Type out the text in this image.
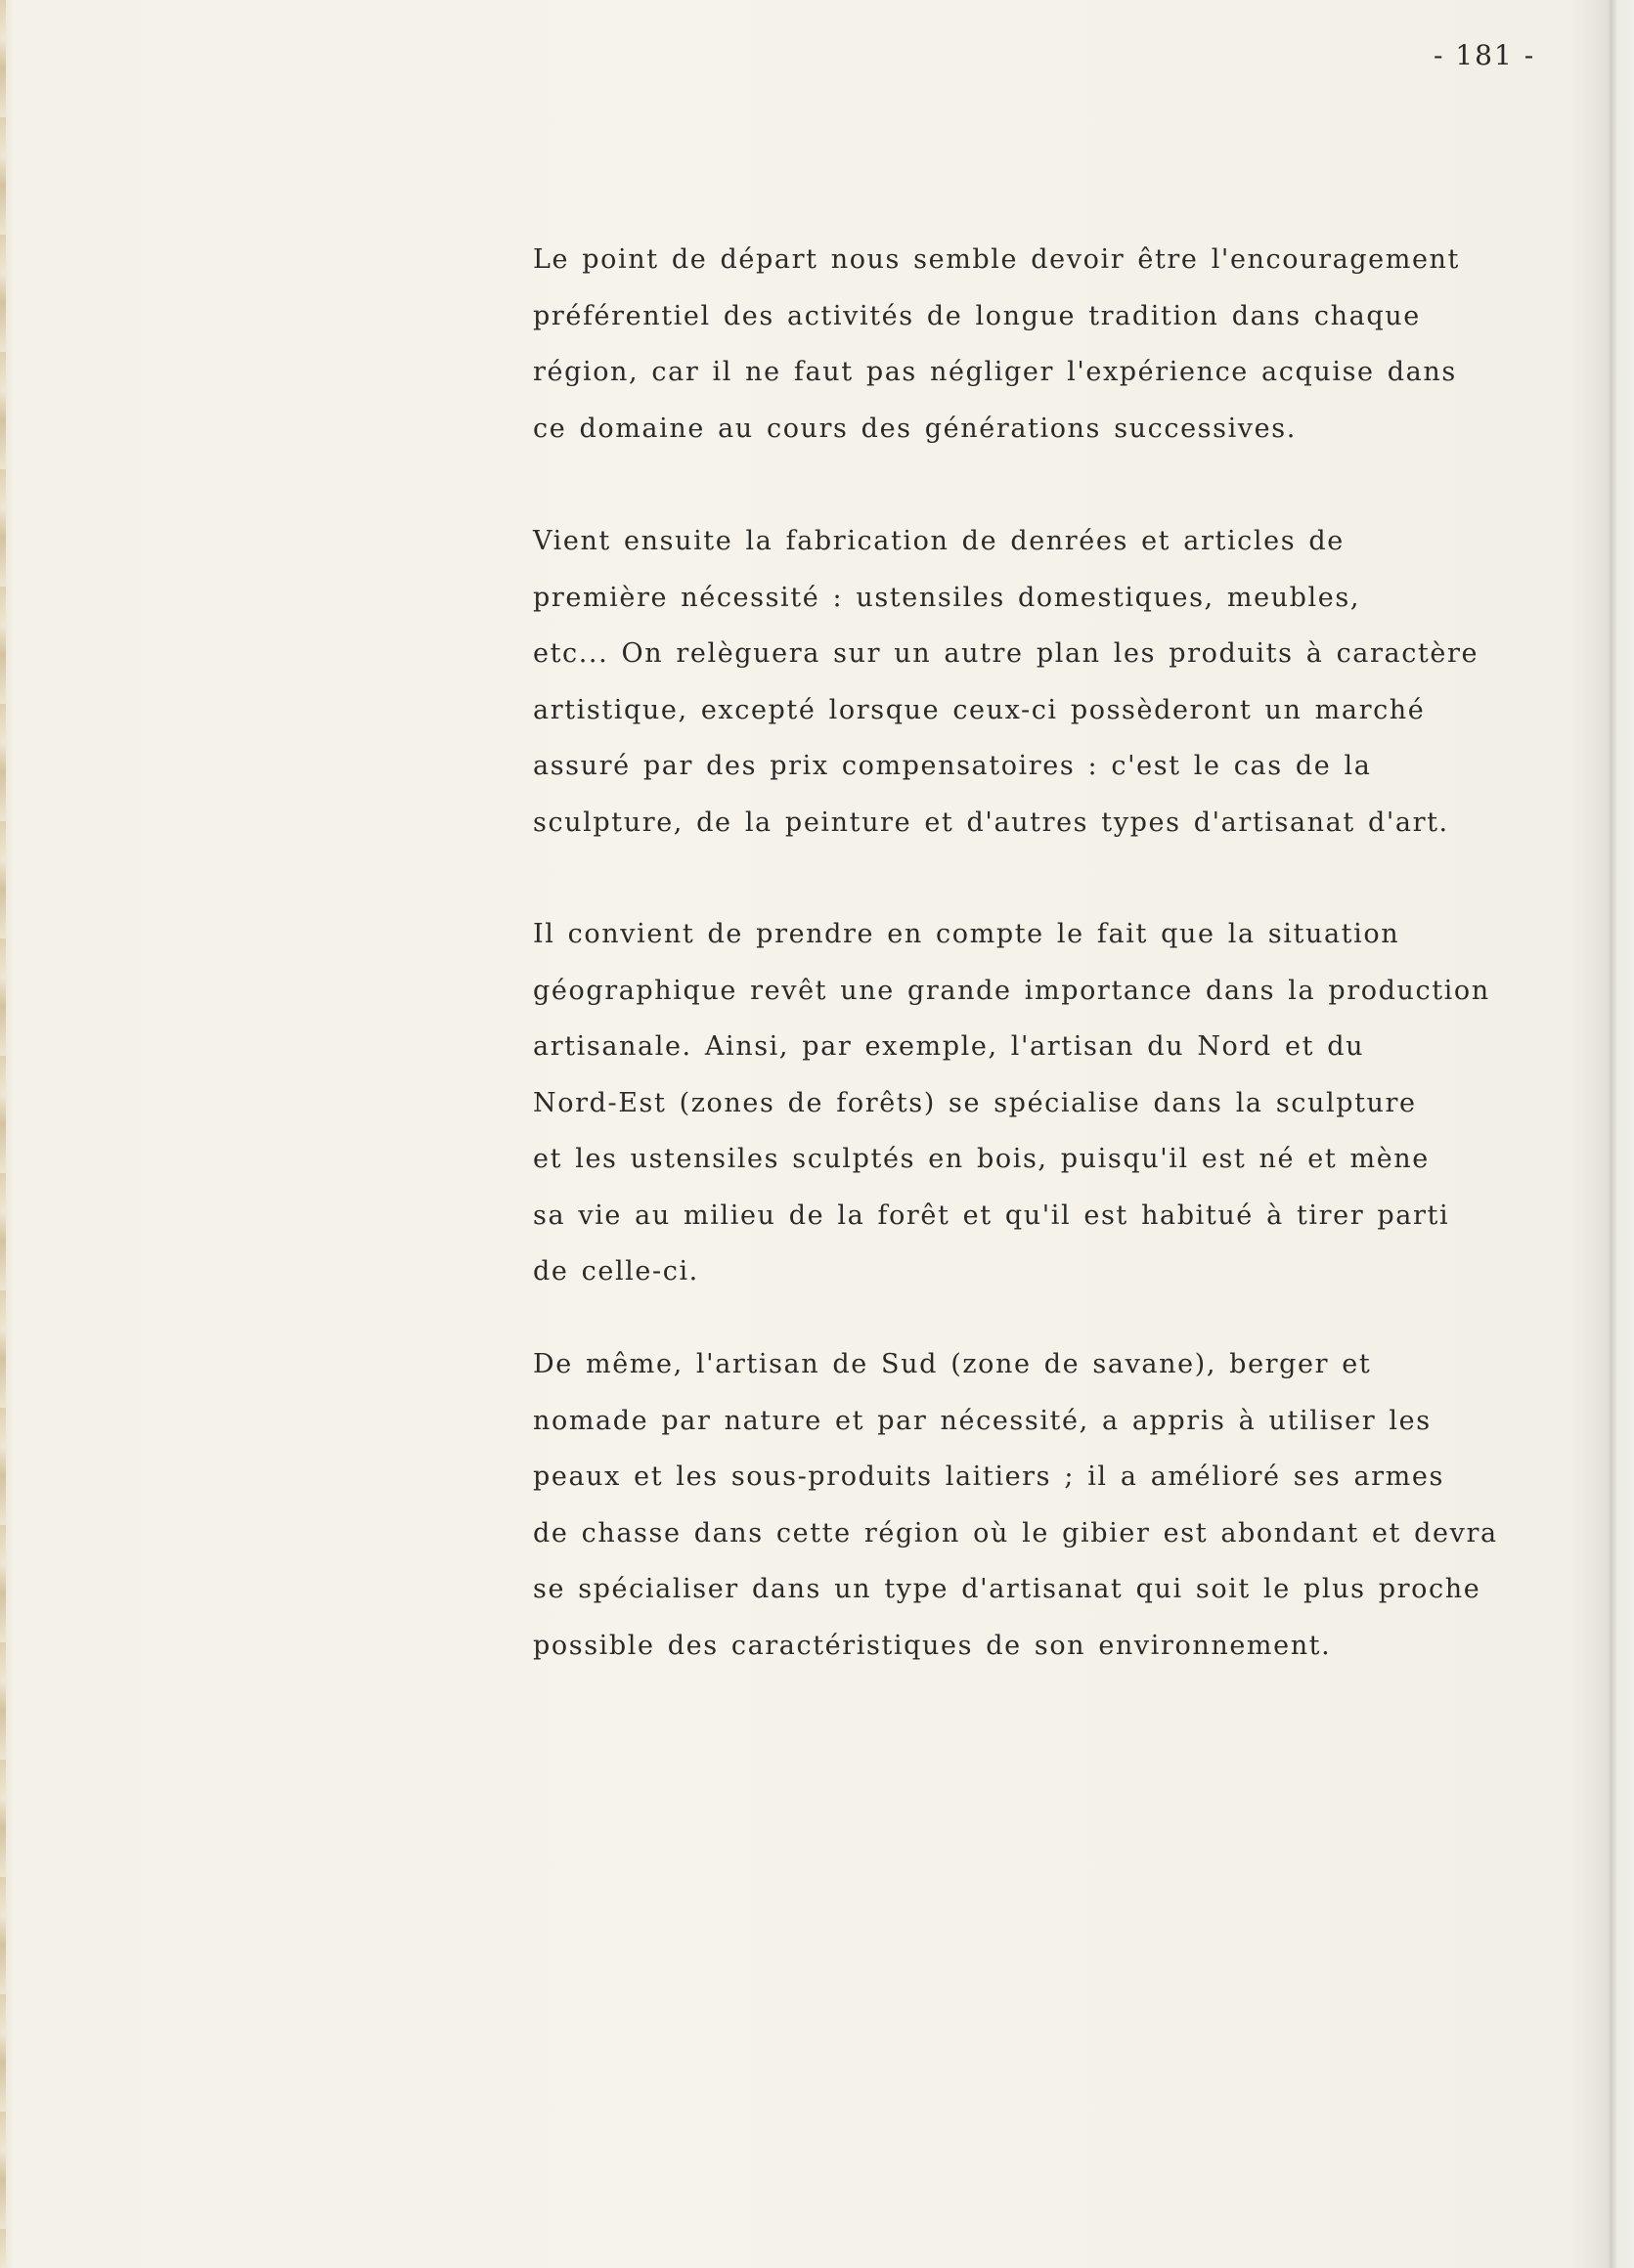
- 181 -
Le point de départ nous semble devoir être l'encouragement
préférentiel des activités de longue tradition dans chaque
région, car il ne faut pas négliger l'expérience acquise dans
ce domaine au cours des générations successives.
Vient ensuite la fabrication de denrées et articles de
première nécessité : ustensiles domestiques, meubles,
etc... On relèguera sur un autre plan les produits à caractère
artistique, excepté lorsque ceux-ci possèderont un marché
assuré par des prix compensatoires : c'est le cas de la
sculpture, de la peinture et d'autres types d'artisanat d'art.
Il convient de prendre en compte le fait que la situation
géographique revêt une grande importance dans la production
artisanale. Ainsi, par exemple, l'artisan du Nord et du
Nord-Est (zones de forêts) se spécialise dans la sculpture
et les ustensiles sculptés en bois, puisqu'il est né et mène
sa vie au milieu de la forêt et qu'il est habitué à tirer parti
de celle-ci.
De même, l'artisan de Sud (zone de savane), berger et
nomade par nature et par nécessité, a appris à utiliser les
peaux et les sous-produits laitiers ; il a amélioré ses armes
de chasse dans cette région où le gibier est abondant et devra
se spécialiser dans un type d'artisanat qui soit le plus proche
possible des caractéristiques de son environnement.
